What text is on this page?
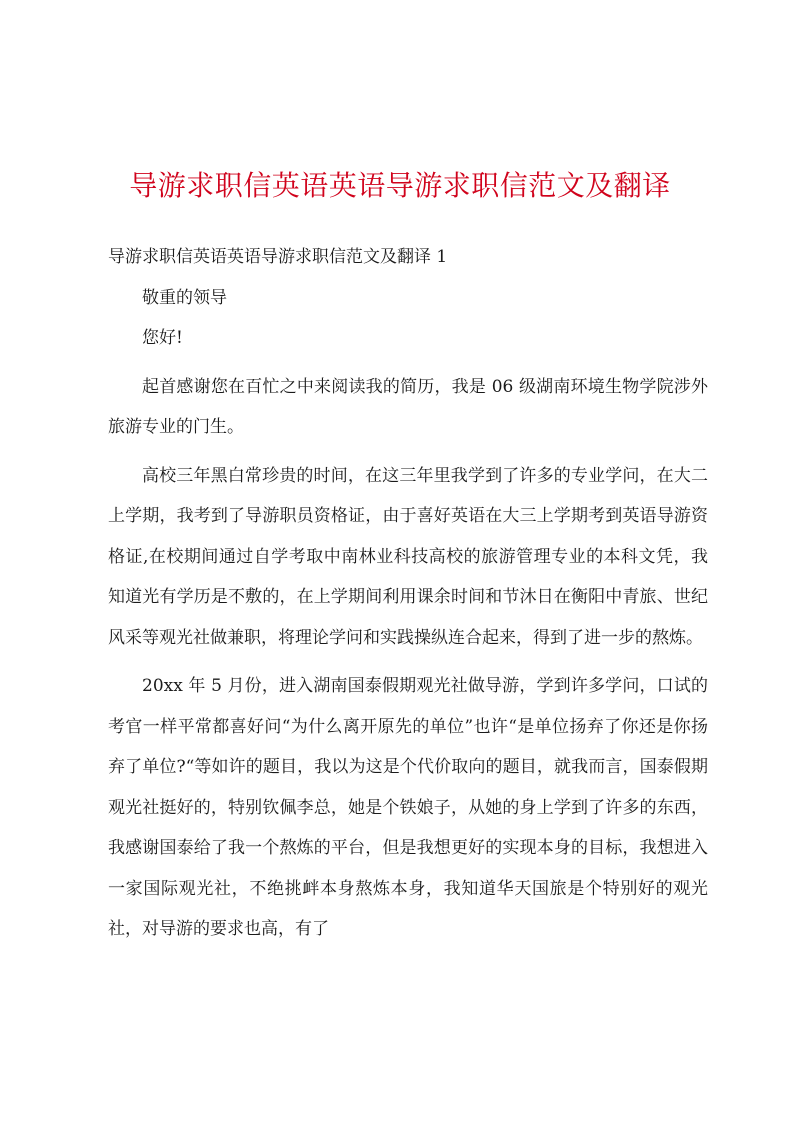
导游求职信英语英语导游求职信范文及翻译

导游求职信英语英语导游求职信范文及翻译 1

敬重的领导

您好!

起首感谢您在百忙之中来阅读我的简历，我是 06 级湖南环境生物学院涉外旅游专业的门生。

高校三年黑白常珍贵的时间，在这三年里我学到了许多的专业学问，在大二上学期，我考到了导游职员资格证，由于喜好英语在大三上学期考到英语导游资格证,在校期间通过自学考取中南林业科技高校的旅游管理专业的本科文凭，我知道光有学历是不敷的，在上学期间利用课余时间和节沐日在衡阳中青旅、世纪风采等观光社做兼职，将理论学问和实践操纵连合起来，得到了进一步的熬炼。

20xx 年 5 月份，进入湖南国泰假期观光社做导游，学到许多学问，口试的考官一样平常都喜好问“为什么离开原先的单位”也许“是单位扬弃了你还是你扬弃了单位?“等如许的题目，我以为这是个代价取向的题目，就我而言，国泰假期观光社挺好的，特别钦佩李总，她是个铁娘子，从她的身上学到了许多的东西，我感谢国泰给了我一个熬炼的平台，但是我想更好的实现本身的目标，我想进入一家国际观光社，不绝挑衅本身熬炼本身，我知道华天国旅是个特别好的观光社，对导游的要求也高，有了
